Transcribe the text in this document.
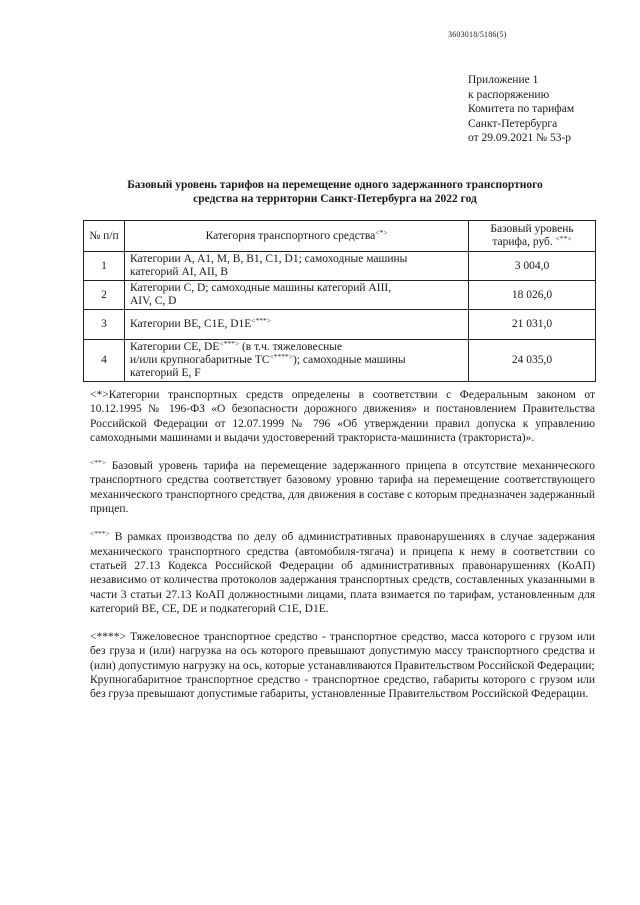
3603018/5186(5)
Приложение 1
к распоряжению
Комитета по тарифам
Санкт-Петербурга
от 29.09.2021 № 53-р
Базовый уровень тарифов на перемещение одного задержанного транспортного
средства на территории Санкт-Петербурга на 2022 год
№ п/п	Категория транспортного средства<*>	Базовый уровень
тарифа, руб. <**>

1	Категории A, A1, M, B, B1, C1, D1; самоходные машины
категорий AI, AII, B	3 004,0
2	Категории C, D; самоходные машины категорий AIII,
AIV, C, D	18 026,0
3	Категории BE, C1E, D1E<***>	21 031,0
4	Категории CE, DE<***> (в т.ч. тяжеловесные
и/или крупногабаритные ТС<****>); самоходные машины
категорий E, F	24 035,0

<*>Категории транспортных средств определены в соответствии с Федеральным законом от 10.12.1995 № 196-ФЗ «О безопасности дорожного движения» и постановлением Правительства Российской Федерации от 12.07.1999 № 796 «Об утверждении правил допуска к управлению самоходными машинами и выдачи удостоверений тракториста-машиниста (тракториста)».

<**> Базовый уровень тарифа на перемещение задержанного прицепа в отсутствие механического транспортного средства соответствует базовому уровню тарифа на перемещение соответствующего механического транспортного средства, для движения в составе с которым предназначен задержанный прицеп.

<***> В рамках производства по делу об административных правонарушениях в случае задержания механического транспортного средства (автомобиля-тягача) и прицепа к нему в соответствии со статьей 27.13 Кодекса Российской Федерации об административных правонарушениях (КоАП) независимо от количества протоколов задержания транспортных средств, составленных указанными в части 3 статьи 27.13 КоАП должностными лицами, плата взимается по тарифам, установленным для категорий BE, CE, DE и подкатегорий C1E, D1E.

<****> Тяжеловесное транспортное средство - транспортное средство, масса которого с грузом или без груза и (или) нагрузка на ось которого превышают допустимую массу транспортного средства и (или) допустимую нагрузку на ось, которые устанавливаются Правительством Российской Федерации;

Крупногабаритное транспортное средство - транспортное средство, габариты которого с грузом или без груза превышают допустимые габариты, установленные Правительством Российской Федерации.
